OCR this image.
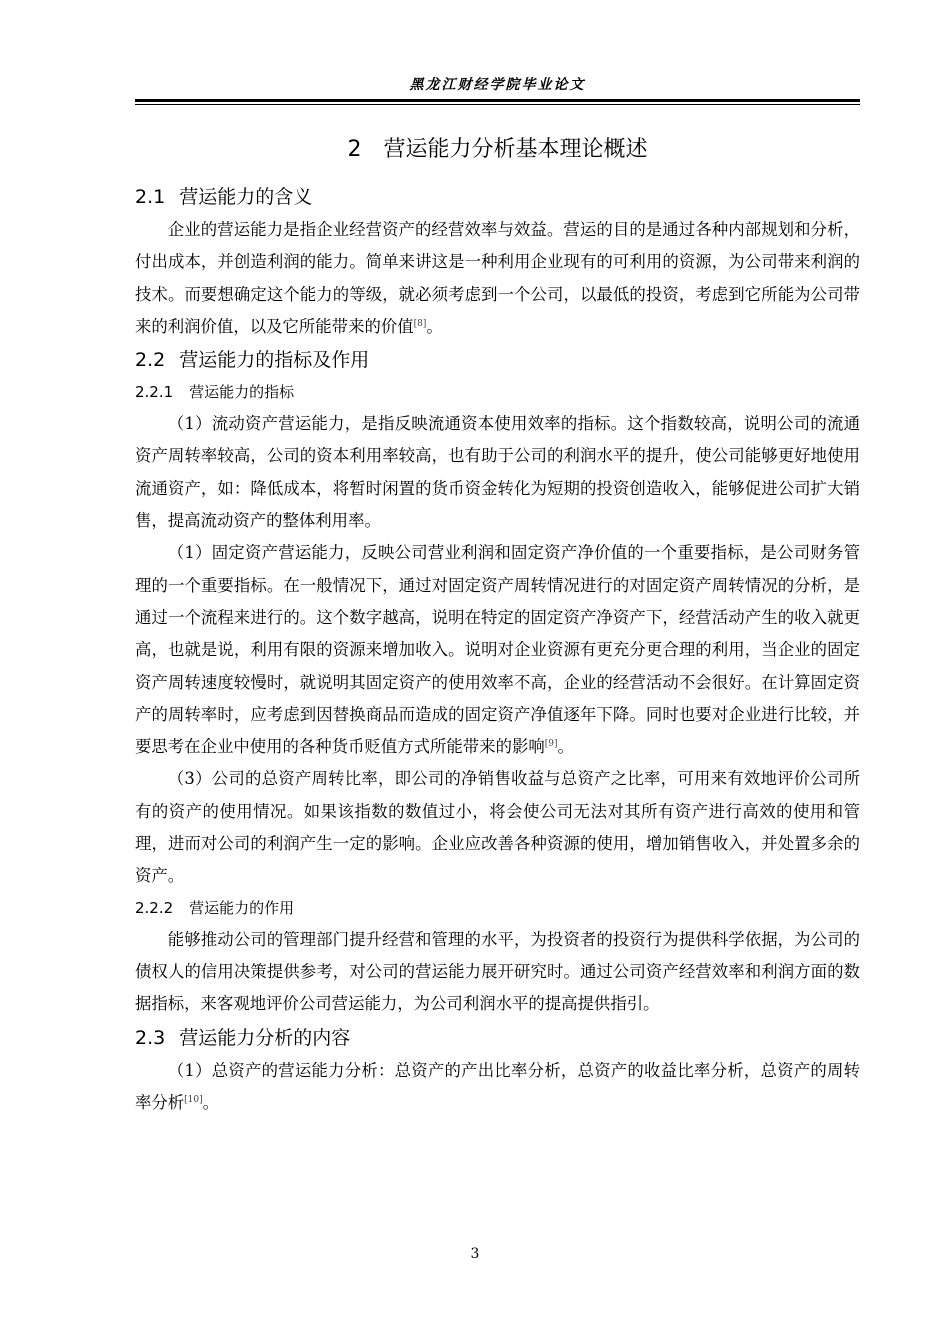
黑龙江财经学院毕业论文
2 营运能力分析基本理论概述
2.1 营运能力的含义

企业的营运能力是指企业经营资产的经营效率与效益。营运的目的是通过各种内部规划和分析，付出成本，并创造利润的能力。简单来讲这是一种利用企业现有的可利用的资源，为公司带来利润的技术。而要想确定这个能力的等级，就必须考虑到一个公司，以最低的投资，考虑到它所能为公司带来的利润价值，以及它所能带来的价值[8]。

2.2 营运能力的指标及作用
2.2.1 营运能力的指标

（1）流动资产营运能力，是指反映流通资本使用效率的指标。这个指数较高，说明公司的流通资产周转率较高，公司的资本利用率较高，也有助于公司的利润水平的提升，使公司能够更好地使用流通资产，如：降低成本，将暂时闲置的货币资金转化为短期的投资创造收入，能够促进公司扩大销售，提高流动资产的整体利用率。

（1）固定资产营运能力，反映公司营业利润和固定资产净价值的一个重要指标，是公司财务管理的一个重要指标。在一般情况下，通过对固定资产周转情况进行的对固定资产周转情况的分析，是通过一个流程来进行的。这个数字越高，说明在特定的固定资产净资产下，经营活动产生的收入就更高，也就是说，利用有限的资源来增加收入。说明对企业资源有更充分更合理的利用，当企业的固定资产周转速度较慢时，就说明其固定资产的使用效率不高，企业的经营活动不会很好。在计算固定资产的周转率时，应考虑到因替换商品而造成的固定资产净值逐年下降。同时也要对企业进行比较，并要思考在企业中使用的各种货币贬值方式所能带来的影响[9]。

（3）公司的总资产周转比率，即公司的净销售收益与总资产之比率，可用来有效地评价公司所有的资产的使用情况。如果该指数的数值过小，将会使公司无法对其所有资产进行高效的使用和管理，进而对公司的利润产生一定的影响。企业应改善各种资源的使用，增加销售收入，并处置多余的资产。

2.2.2 营运能力的作用

能够推动公司的管理部门提升经营和管理的水平，为投资者的投资行为提供科学依据，为公司的债权人的信用决策提供参考，对公司的营运能力展开研究时。通过公司资产经营效率和利润方面的数据指标，来客观地评价公司营运能力，为公司利润水平的提高提供指引。

2.3 营运能力分析的内容

（1）总资产的营运能力分析：总资产的产出比率分析，总资产的收益比率分析，总资产的周转率分析[10]。

3
